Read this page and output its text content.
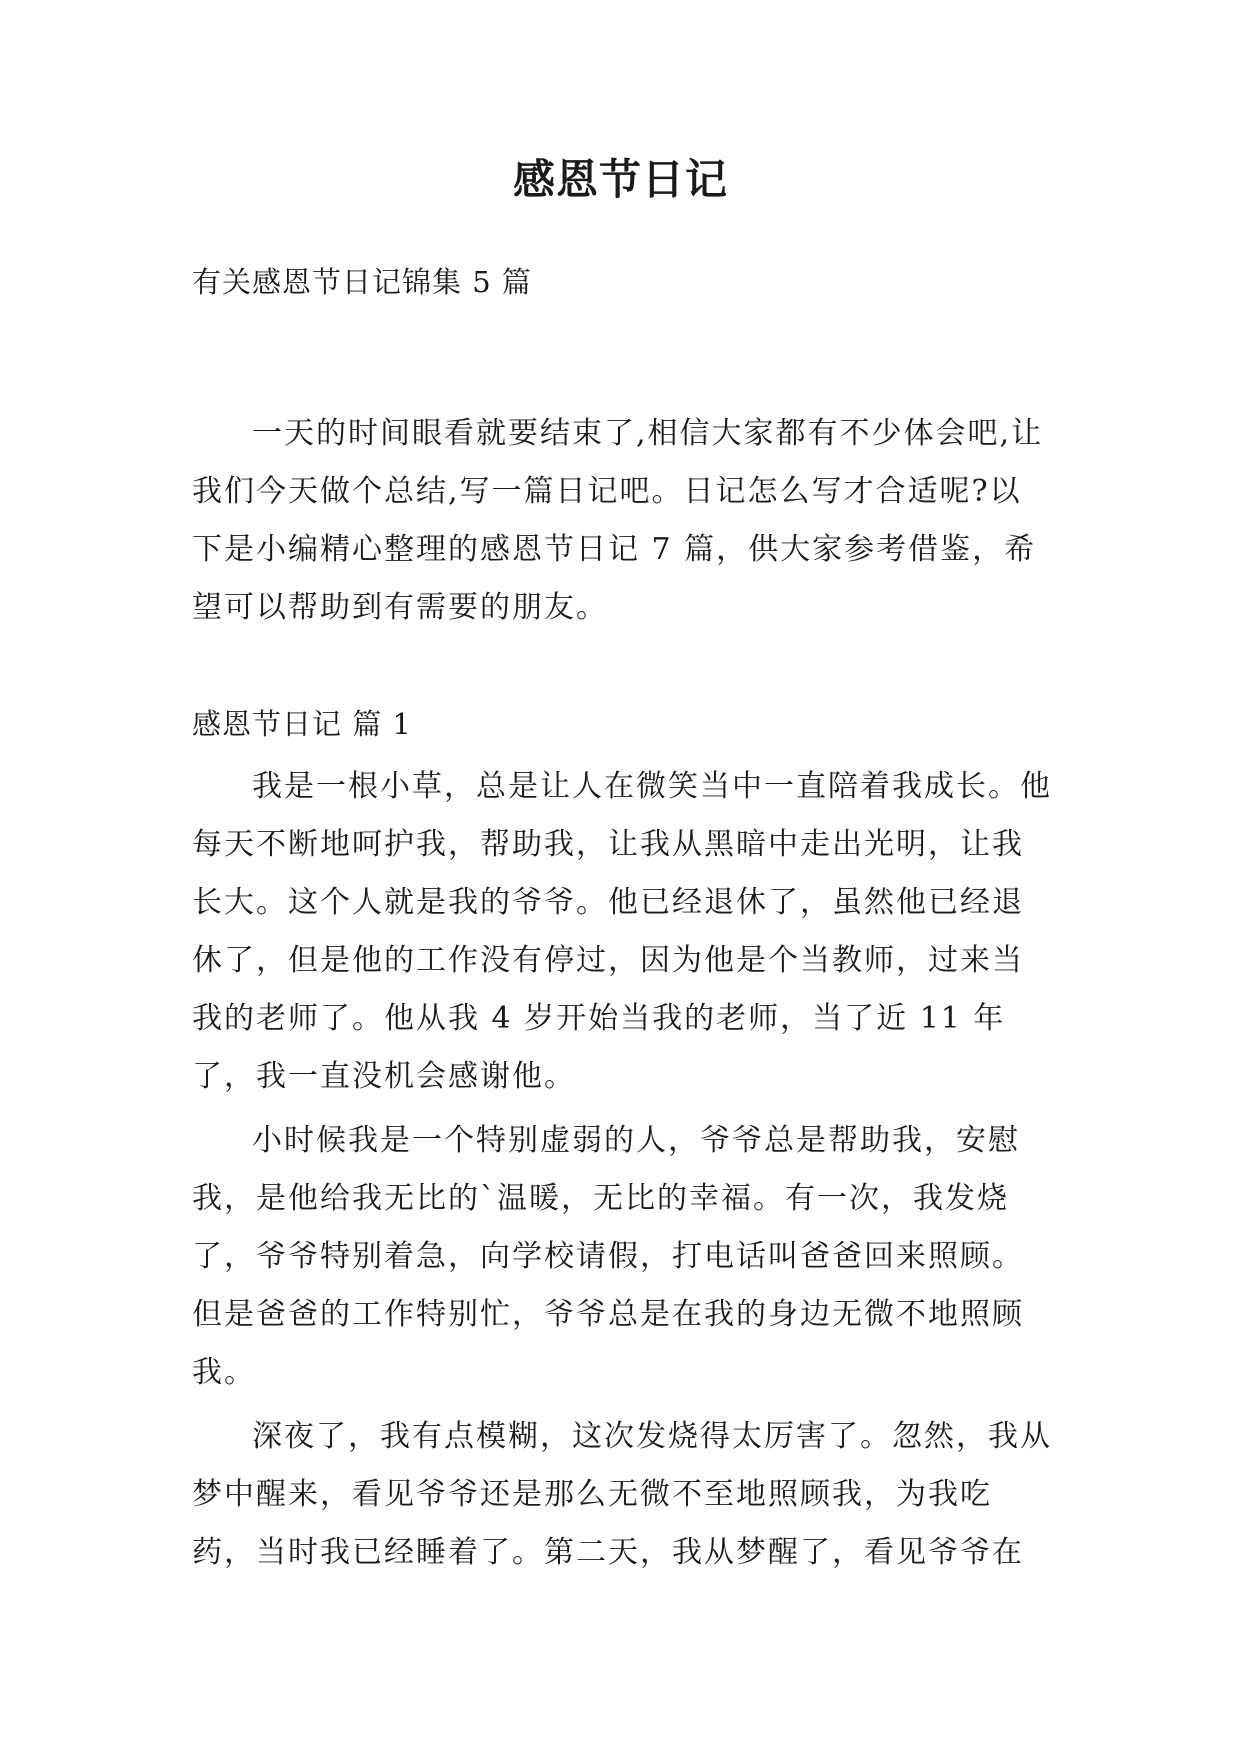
感恩节日记
有关感恩节日记锦集 5 篇

一天的时间眼看就要结束了,相信大家都有不少体会吧,让我们今天做个总结,写一篇日记吧。日记怎么写才合适呢?以下是小编精心整理的感恩节日记 7 篇，供大家参考借鉴，希望可以帮助到有需要的朋友。

感恩节日记 篇 1

我是一根小草，总是让人在微笑当中一直陪着我成长。他每天不断地呵护我，帮助我，让我从黑暗中走出光明，让我长大。这个人就是我的爷爷。他已经退休了，虽然他已经退休了，但是他的工作没有停过，因为他是个当教师，过来当我的老师了。他从我 4 岁开始当我的老师，当了近 11 年了，我一直没机会感谢他。

小时候我是一个特别虚弱的人，爷爷总是帮助我，安慰我，是他给我无比的`温暖，无比的幸福。有一次，我发烧了，爷爷特别着急，向学校请假，打电话叫爸爸回来照顾。但是爸爸的工作特别忙，爷爷总是在我的身边无微不地照顾我。

深夜了，我有点模糊，这次发烧得太厉害了。忽然，我从梦中醒来，看见爷爷还是那么无微不至地照顾我，为我吃药，当时我已经睡着了。第二天，我从梦醒了，看见爷爷在
